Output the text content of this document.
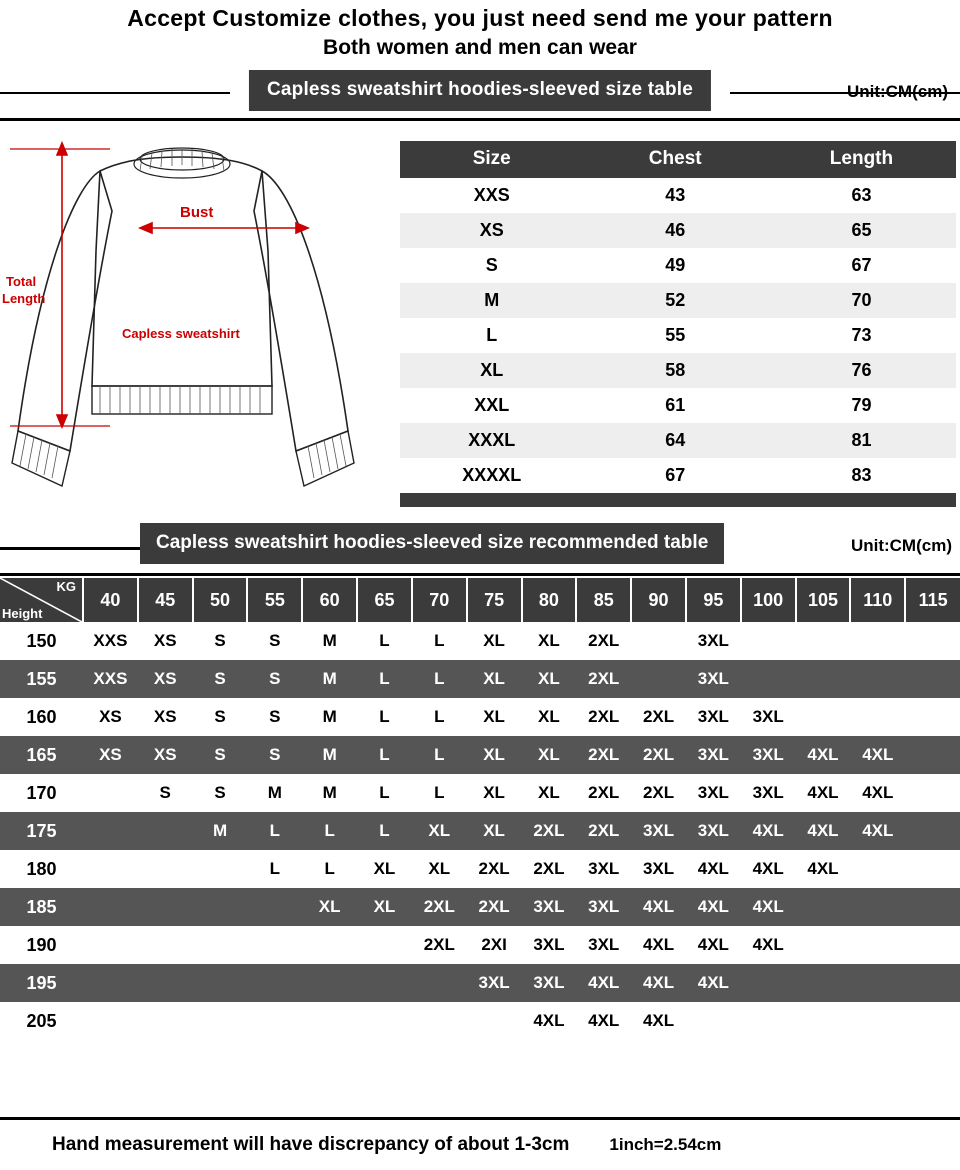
Accept Customize clothes, you just need send me your pattern
Both women and men can wear
Capless sweatshirt hoodies-sleeved size table	Unit:CM(cm)
Bust
Total
Length
Capless sweatshirt
Size	Chest	Length
XXS	43	63
XS	46	65
S	49	67
M	52	70
L	55	73
XL	58	76
XXL	61	79
XXXL	64	81
XXXXL	67	83

Capless sweatshirt hoodies-sleeved size recommended table	Unit:CM(cm)
KG
Height	40	45	50	55	60	65	70	75	80	85	90	95	100	105	110	115
150	XXS	XS	S	S	M	L	L	XL	XL	2XL		3XL				
155	XXS	XS	S	S	M	L	L	XL	XL	2XL		3XL				
160	XS	XS	S	S	M	L	L	XL	XL	2XL	2XL	3XL	3XL			
165	XS	XS	S	S	M	L	L	XL	XL	2XL	2XL	3XL	3XL	4XL	4XL	
170		S	S	M	M	L	L	XL	XL	2XL	2XL	3XL	3XL	4XL	4XL	
175			M	L	L	L	XL	XL	2XL	2XL	3XL	3XL	4XL	4XL	4XL	
180				L	L	XL	XL	2XL	2XL	3XL	3XL	4XL	4XL	4XL		
185					XL	XL	2XL	2XL	3XL	3XL	4XL	4XL	4XL			
190							2XL	2XI	3XL	3XL	4XL	4XL	4XL			
195								3XL	3XL	4XL	4XL	4XL				
205									4XL	4XL	4XL					
Hand measurement will have discrepancy of about 1-3cm 1inch=2.54cm
